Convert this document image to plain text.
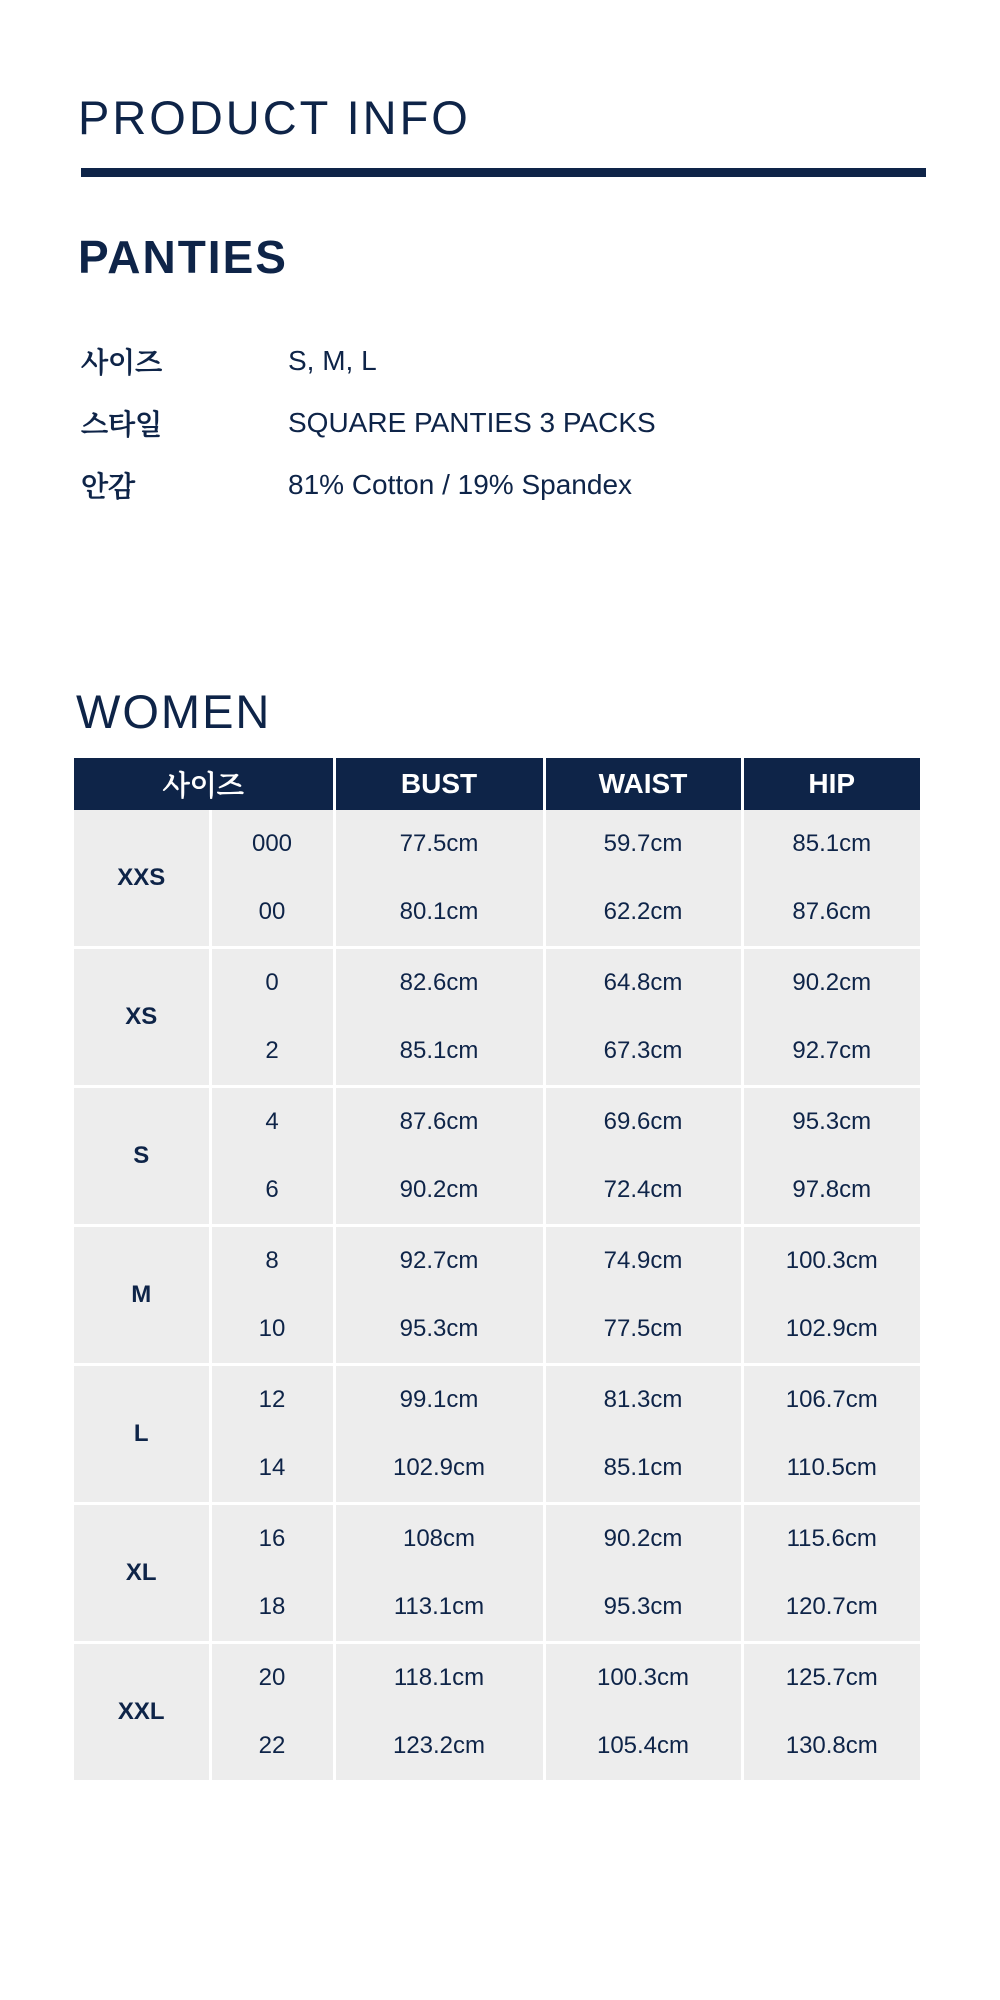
PRODUCT INFO
PANTIES
사이즈	S, M, L
스타일	SQUARE PANTIES 3 PACKS
안감	81% Cotton / 19% Spandex
WOMEN
사이즈		BUST	WAIST	HIP
XXS	000	77.5cm	59.7cm	85.1cm
	00	80.1cm	62.2cm	87.6cm
XS	0	82.6cm	64.8cm	90.2cm
	2	85.1cm	67.3cm	92.7cm
S	4	87.6cm	69.6cm	95.3cm
	6	90.2cm	72.4cm	97.8cm
M	8	92.7cm	74.9cm	100.3cm
	10	95.3cm	77.5cm	102.9cm
L	12	99.1cm	81.3cm	106.7cm
	14	102.9cm	85.1cm	110.5cm
XL	16	108cm	90.2cm	115.6cm
	18	113.1cm	95.3cm	120.7cm
XXL	20	118.1cm	100.3cm	125.7cm
	22	123.2cm	105.4cm	130.8cm
